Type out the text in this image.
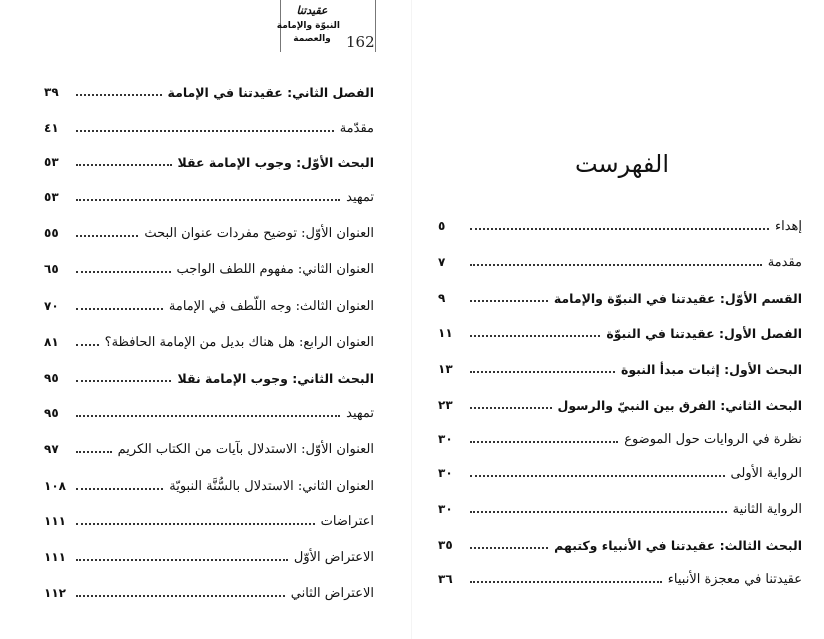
عقيدتنا
النبوّة والإمامة
والعصمة	162
الفصل الثاني: عقيدتنا في الإمامة
٣٩
مقدّمة
٤١
البحث الأوّل: وجوب الإمامة عقلا
٥٣
تمهيد
٥٣
العنوان الأوّل: توضيح مفردات عنوان البحث
٥٥
العنوان الثاني: مفهوم اللطف الواجب
٦٥
العنوان الثالث: وجه اللّطف في الإمامة
٧٠
العنوان الرابع: هل هناك بديل من الإمامة الحافظة؟
٨١
البحث الثاني: وجوب الإمامة نقلا
٩٥
تمهيد
٩٥
العنوان الأوّل: الاستدلال بآيات من الكتاب الكريم
٩٧
العنوان الثاني: الاستدلال بالسُّنَّة النبويّة
١٠٨
اعتراضات
١١١
الاعتراض الأوّل
١١١
الاعتراض الثاني
١١٢
الفهرست
إهداء
٥
مقدمة
٧
القسم الأوّل: عقيدتنا في النبوّة والإمامة
٩
الفصل الأول: عقيدتنا في النبوّة
١١
البحث الأول: إثبات مبدأ النبوة
١٣
البحث الثاني: الفرق بين النبيّ والرسول
٢٣
نظرة في الروايات حول الموضوع
٣٠
الرواية الأولى
٣٠
الرواية الثانية
٣٠
البحث الثالث: عقيدتنا في الأنبياء وكتبهم
٣٥
عقيدتنا في معجزة الأنبياء
٣٦
